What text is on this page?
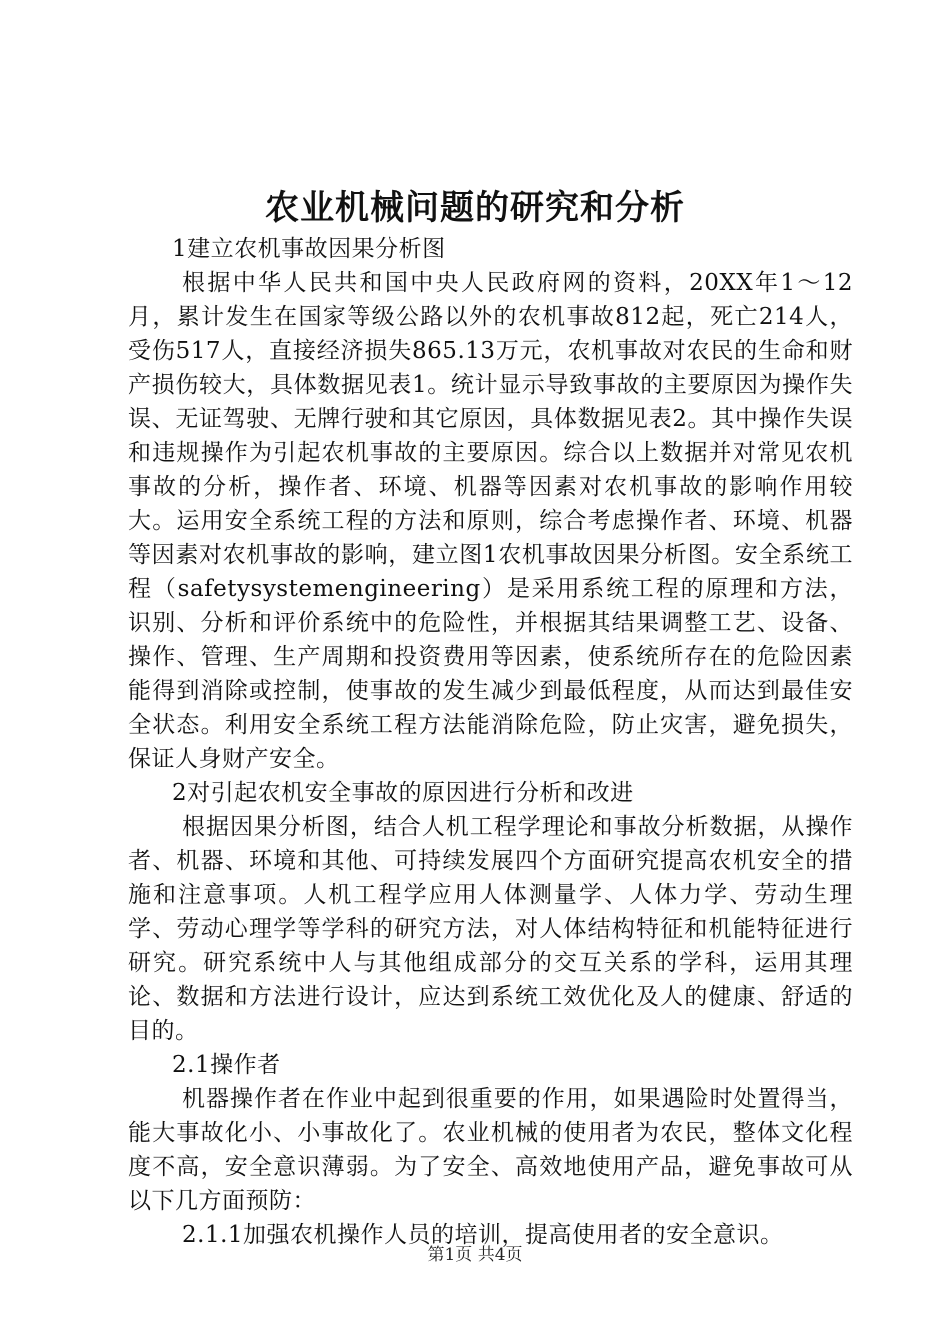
农业机械问题的研究和分析

1建立农机事故因果分析图

根据中华人民共和国中央人民政府网的资料，20XX年1～12月，累计发生在国家等级公路以外的农机事故812起，死亡214人，受伤517人，直接经济损失865.13万元，农机事故对农民的生命和财产损伤较大，具体数据见表1。统计显示导致事故的主要原因为操作失误、无证驾驶、无牌行驶和其它原因，具体数据见表2。其中操作失误和违规操作为引起农机事故的主要原因。综合以上数据并对常见农机事故的分析，操作者、环境、机器等因素对农机事故的影响作用较大。运用安全系统工程的方法和原则，综合考虑操作者、环境、机器等因素对农机事故的影响，建立图1农机事故因果分析图。安全系统工程（safetysystemengineering）是采用系统工程的原理和方法，识别、分析和评价系统中的危险性，并根据其结果调整工艺、设备、操作、管理、生产周期和投资费用等因素，使系统所存在的危险因素能得到消除或控制，使事故的发生减少到最低程度，从而达到最佳安全状态。利用安全系统工程方法能消除危险，防止灾害，避免损失，保证人身财产安全。

2对引起农机安全事故的原因进行分析和改进

根据因果分析图，结合人机工程学理论和事故分析数据，从操作者、机器、环境和其他、可持续发展四个方面研究提高农机安全的措施和注意事项。人机工程学应用人体测量学、人体力学、劳动生理学、劳动心理学等学科的研究方法，对人体结构特征和机能特征进行研究。研究系统中人与其他组成部分的交互关系的学科，运用其理论、数据和方法进行设计，应达到系统工效优化及人的健康、舒适的目的。

2.1操作者

机器操作者在作业中起到很重要的作用，如果遇险时处置得当，能大事故化小、小事故化了。农业机械的使用者为农民，整体文化程度不高，安全意识薄弱。为了安全、高效地使用产品，避免事故可从以下几方面预防：

2.1.1加强农机操作人员的培训，提高使用者的安全意识。

第1页 共4页
